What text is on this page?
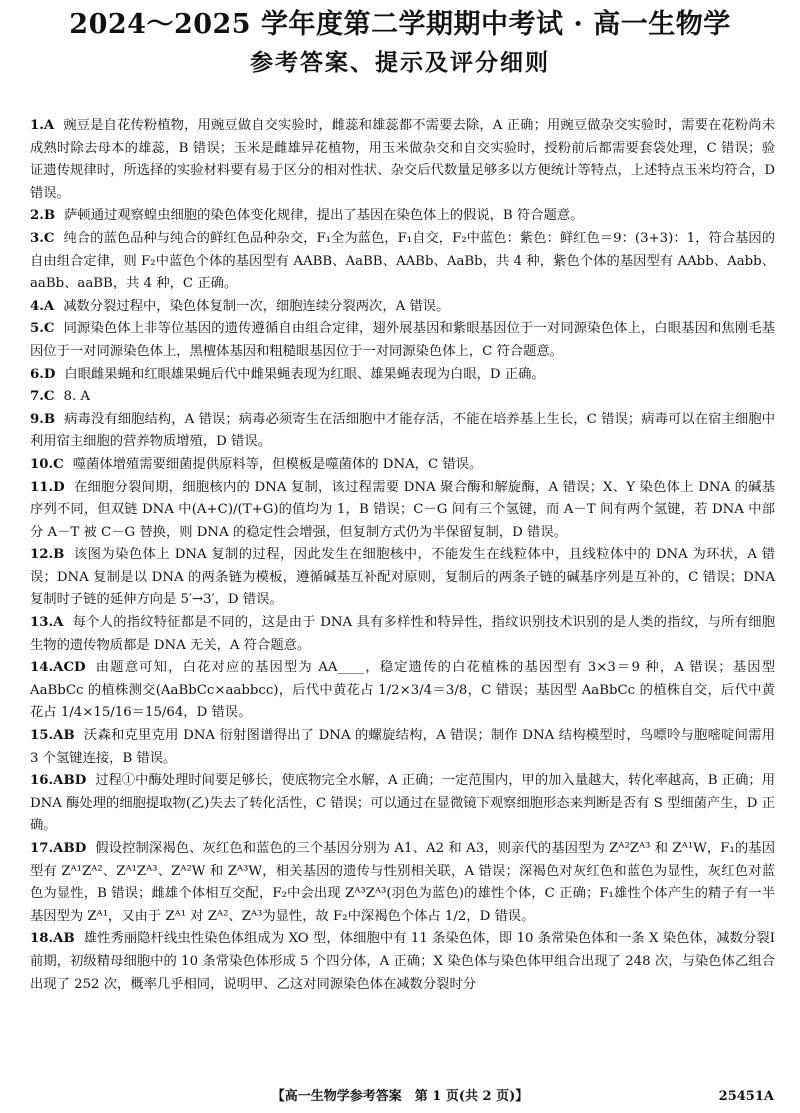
2024～2025 学年度第二学期期中考试 · 高一生物学
参考答案、提示及评分细则

1.A 豌豆是自花传粉植物，用豌豆做自交实验时，雌蕊和雄蕊都不需要去除，A 正确；用豌豆做杂交实验时，需要在花粉尚未成熟时除去母本的雄蕊，B 错误；玉米是雌雄异花植物，用玉米做杂交和自交实验时，授粉前后都需要套袋处理，C 错误；验证遗传规律时，所选择的实验材料要有易于区分的相对性状、杂交后代数量足够多以方便统计等特点，上述特点玉米均符合，D 错误。

2.B 萨顿通过观察蝗虫细胞的染色体变化规律，提出了基因在染色体上的假说，B 符合题意。

3.C 纯合的蓝色品种与纯合的鲜红色品种杂交，F₁全为蓝色，F₁自交，F₂中蓝色：紫色：鲜红色＝9：(3+3)：1，符合基因的自由组合定律，则 F₂中蓝色个体的基因型有 AABB、AaBB、AABb、AaBb，共 4 种，紫色个体的基因型有 AAbb、Aabb、aaBb、aaBB，共 4 种，C 正确。

4.A 减数分裂过程中，染色体复制一次，细胞连续分裂两次，A 错误。

5.C 同源染色体上非等位基因的遗传遵循自由组合定律，翅外展基因和紫眼基因位于一对同源染色体上，白眼基因和焦刚毛基因位于一对同源染色体上，黑檀体基因和粗糙眼基因位于一对同源染色体上，C 符合题意。

6.D 白眼雌果蝇和红眼雄果蝇后代中雌果蝇表现为红眼、雄果蝇表现为白眼，D 正确。

7.C 8. A

9.B 病毒没有细胞结构，A 错误；病毒必须寄生在活细胞中才能存活，不能在培养基上生长，C 错误；病毒可以在宿主细胞中利用宿主细胞的营养物质增殖，D 错误。

10.C 噬菌体增殖需要细菌提供原料等，但模板是噬菌体的 DNA，C 错误。

11.D 在细胞分裂间期，细胞核内的 DNA 复制，该过程需要 DNA 聚合酶和解旋酶，A 错误；X、Y 染色体上 DNA 的碱基序列不同，但双链 DNA 中(A+C)/(T+G)的值均为 1，B 错误；C－G 间有三个氢键，而 A－T 间有两个氢键，若 DNA 中部分 A－T 被 C－G 替换，则 DNA 的稳定性会增强，但复制方式仍为半保留复制，D 错误。

12.B 该图为染色体上 DNA 复制的过程，因此发生在细胞核中，不能发生在线粒体中，且线粒体中的 DNA 为环状，A 错误；DNA 复制是以 DNA 的两条链为模板，遵循碱基互补配对原则，复制后的两条子链的碱基序列是互补的，C 错误；DNA 复制时子链的延伸方向是 5′→3′，D 错误。

13.A 每个人的指纹特征都是不同的，这是由于 DNA 具有多样性和特异性，指纹识别技术识别的是人类的指纹，与所有细胞生物的遗传物质都是 DNA 无关，A 符合题意。

14.ACD 由题意可知，白花对应的基因型为 AA____，稳定遗传的白花植株的基因型有 3×3＝9 种，A 错误；基因型 AaBbCc 的植株测交(AaBbCc×aabbcc)，后代中黄花占 1/2×3/4＝3/8，C 错误；基因型 AaBbCc 的植株自交，后代中黄花占 1/4×15/16＝15/64，D 错误。

15.AB 沃森和克里克用 DNA 衍射图谱得出了 DNA 的螺旋结构，A 错误；制作 DNA 结构模型时，鸟嘌呤与胞嘧啶间需用 3 个氢键连接，B 错误。

16.ABD 过程①中酶处理时间要足够长，使底物完全水解，A 正确；一定范围内，甲的加入量越大，转化率越高，B 正确；用 DNA 酶处理的细胞提取物(乙)失去了转化活性，C 错误；可以通过在显微镜下观察细胞形态来判断是否有 S 型细菌产生，D 正确。

17.ABD 假设控制深褐色、灰红色和蓝色的三个基因分别为 A1、A2 和 A3，则亲代的基因型为 Zᴬ²Zᴬ³ 和 Zᴬ¹W，F₁的基因型有 Zᴬ¹Zᴬ²、Zᴬ¹Zᴬ³、Zᴬ²W 和 Zᴬ³W，相关基因的遗传与性别相关联，A 错误；深褐色对灰红色和蓝色为显性，灰红色对蓝色为显性，B 错误；雌雄个体相互交配，F₂中会出现 Zᴬ³Zᴬ³(羽色为蓝色)的雄性个体，C 正确；F₁雄性个体产生的精子有一半基因型为 Zᴬ¹，又由于 Zᴬ¹ 对 Zᴬ²、Zᴬ³为显性，故 F₂中深褐色个体占 1/2，D 错误。

18.AB 雄性秀丽隐杆线虫性染色体组成为 XO 型，体细胞中有 11 条染色体，即 10 条常染色体和一条 X 染色体，减数分裂Ⅰ前期，初级精母细胞中的 10 条常染色体形成 5 个四分体，A 正确；X 染色体与染色体甲组合出现了 248 次，与染色体乙组合出现了 252 次，概率几乎相同，说明甲、乙这对同源染色体在减数分裂时分

【高一生物学参考答案　第 1 页(共 2 页)】	25451A
